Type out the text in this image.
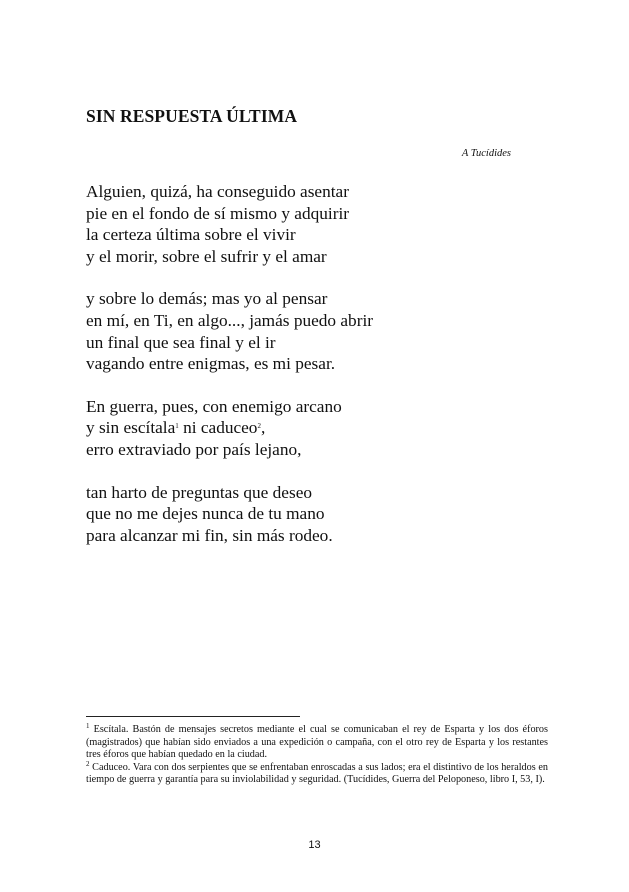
SIN RESPUESTA ÚLTIMA
A Tucídides
Alguien, quizá, ha conseguido asentar
pie en el fondo de sí mismo y adquirir
la certeza última sobre el vivir
y el morir, sobre el sufrir y el amar
y sobre lo demás; mas yo al pensar
en mí, en Ti, en algo..., jamás puedo abrir
un final que sea final y el ir
vagando entre enigmas, es mi pesar.
En guerra, pues, con enemigo arcano
y sin escítala$^1$ ni caduceo$^2$,
erro extraviado por país lejano,
tan harto de preguntas que deseo
que no me dejes nunca de tu mano
para alcanzar mi fin, sin más rodeo.

$^1$ Escítala. Bastón de mensajes secretos mediante el cual se comunicaban el rey de Esparta y los dos éforos (magistrados) que habían sido enviados a una expedición o campaña, con el otro rey de Esparta y los restantes tres éforos que habían quedado en la ciudad.

$^2$ Caduceo. Vara con dos serpientes que se enfrentaban enroscadas a sus lados; era el distintivo de los heraldos en tiempo de guerra y garantía para su inviolabilidad y seguridad. (Tucídides, Guerra del Peloponeso, libro I, 53, I).

13
